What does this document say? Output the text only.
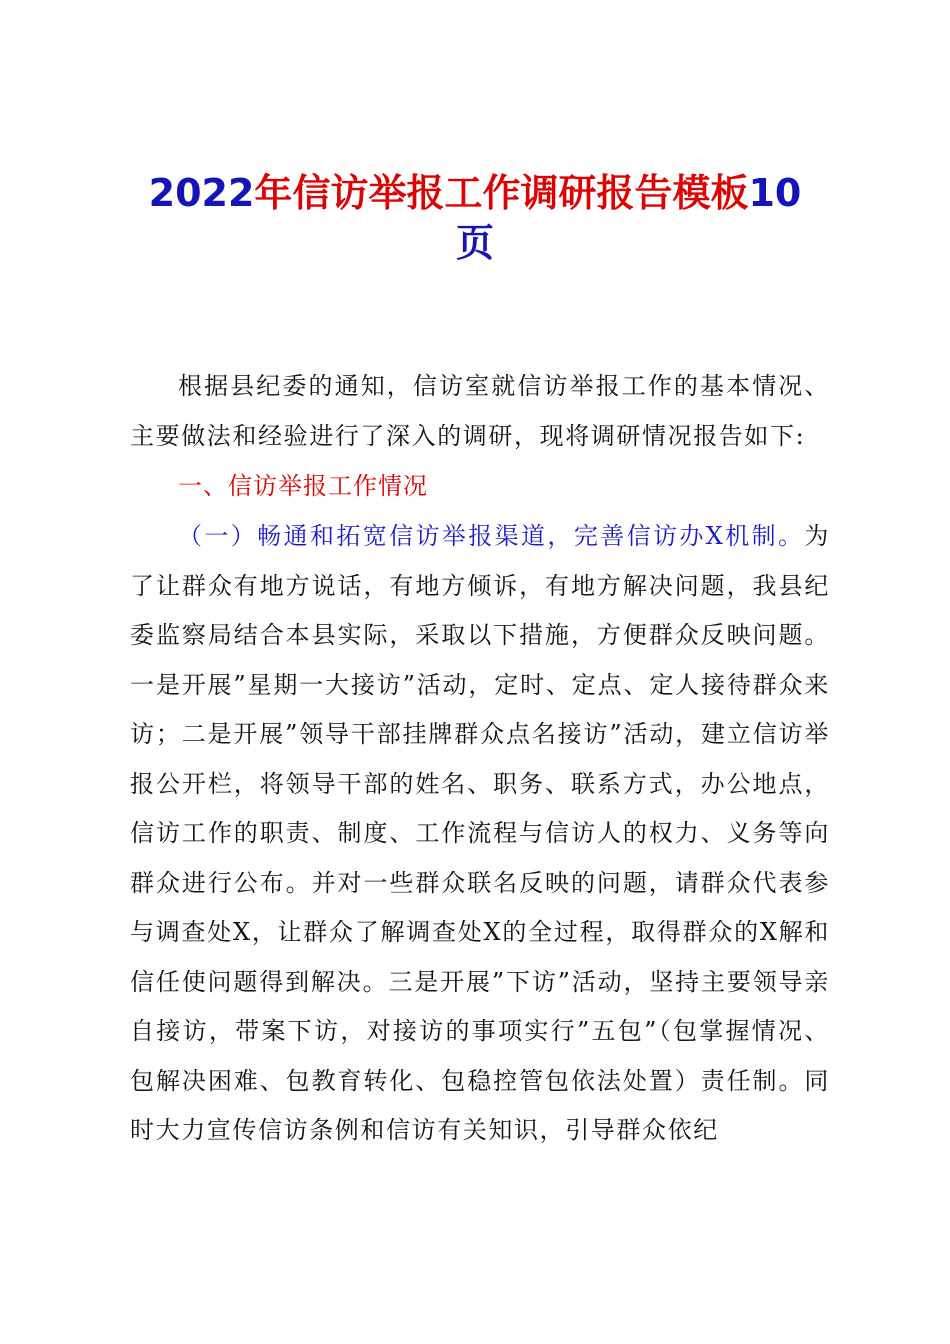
2022年信访举报工作调研报告模板10
页

根据县纪委的通知，信访室就信访举报工作的基本情况、主要做法和经验进行了深入的调研，现将调研情况报告如下:

一、信访举报工作情况

（一）畅通和拓宽信访举报渠道，完善信访办X机制。为了让群众有地方说话，有地方倾诉，有地方解决问题，我县纪委监察局结合本县实际，采取以下措施，方便群众反映问题。一是开展”星期一大接访”活动，定时、定点、定人接待群众来访；二是开展”领导干部挂牌群众点名接访”活动，建立信访举报公开栏，将领导干部的姓名、职务、联系方式，办公地点，信访工作的职责、制度、工作流程与信访人的权力、义务等向群众进行公布。并对一些群众联名反映的问题，请群众代表参与调查处X，让群众了解调查处X的全过程，取得群众的X解和信任使问题得到解决。三是开展”下访”活动，坚持主要领导亲自接访，带案下访，对接访的事项实行”五包”（包掌握情况、包解决困难、包教育转化、包稳控管包依法处置）责任制。同时大力宣传信访条例和信访有关知识，引导群众依纪
